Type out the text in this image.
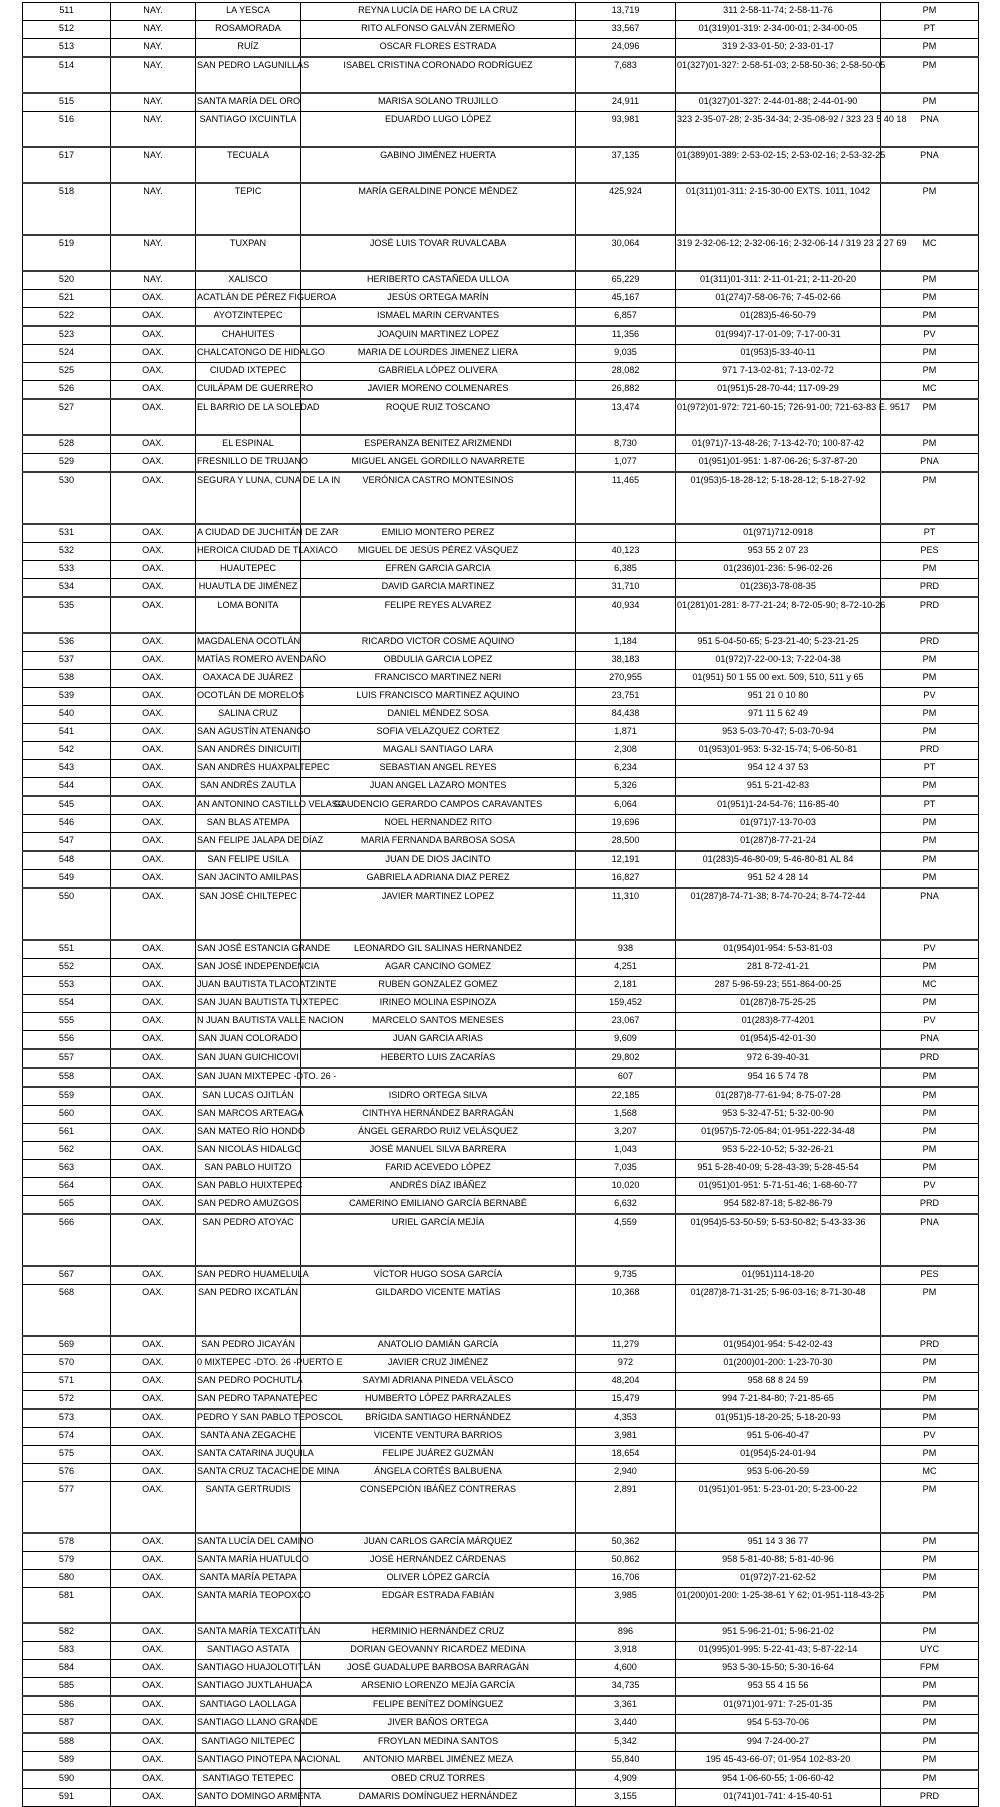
511	NAY.	LA YESCA	REYNA LUCÍA DE HARO DE LA CRUZ	13,719	311 2-58-11-74; 2-58-11-76	PM
512	NAY.	ROSAMORADA	RITO ALFONSO GALVÁN ZERMEÑO	33,567	01(319)01-319: 2-34-00-01; 2-34-00-05	PT
513	NAY.	RUÍZ	OSCAR FLORES ESTRADA	24,096	319 2-33-01-50; 2-33-01-17	PM
514	NAY.	SAN PEDRO LAGUNILLAS	ISABEL CRISTINA CORONADO RODRÍGUEZ	7,683	01(327)01-327: 2-58-51-03; 2-58-50-36; 2-58-50-05	PM
515	NAY.	SANTA MARÍA DEL ORO	MARISA SOLANO TRUJILLO	24,911	01(327)01-327: 2-44-01-88; 2-44-01-90	PM
516	NAY.	SANTIAGO IXCUINTLA	EDUARDO LUGO LÓPEZ	93,981	323 2-35-07-28; 2-35-34-34; 2-35-08-92 / 323 23 5 40 18	PNA
517	NAY.	TECUALA	GABINO JIMÉNEZ HUERTA	37,135	01(389)01-389: 2-53-02-15; 2-53-02-16; 2-53-32-25	PNA
518	NAY.	TEPIC	MARÍA GERALDINE PONCE MÉNDEZ	425,924	01(311)01-311: 2-15-30-00 EXTS. 1011, 1042	PM
519	NAY.	TUXPAN	JOSÉ LUIS TOVAR RUVALCABA	30,064	319 2-32-06-12; 2-32-06-16; 2-32-06-14 / 319 23 2 27 69	MC
520	NAY.	XALISCO	HERIBERTO CASTAÑEDA ULLOA	65,229	01(311)01-311: 2-11-01-21; 2-11-20-20	PM
521	OAX.	ACATLÁN DE PÉREZ FIGUEROA	JESÚS ORTEGA MARÍN	45,167	01(274)7-58-06-76; 7-45-02-66	PM
522	OAX.	AYOTZINTEPEC	ISMAEL MARIN CERVANTES	6,857	01(283)5-46-50-79	PM
523	OAX.	CHAHUITES	JOAQUIN MARTINEZ LOPEZ	11,356	01(994)7-17-01-09; 7-17-00-31	PV
524	OAX.	CHALCATONGO DE HIDALGO	MARIA DE LOURDES JIMENEZ LIERA	9,035	01(953)5-33-40-11	PM
525	OAX.	CIUDAD IXTEPEC	GABRIELA LÓPEZ OLIVERA	28,082	971 7-13-02-81; 7-13-02-72	PM
526	OAX.	CUILÁPAM DE GUERRERO	JAVIER MORENO COLMENARES	26,882	01(951)5-28-70-44; 117-09-29	MC
527	OAX.	EL BARRIO DE LA SOLEDAD	ROQUE RUIZ TOSCANO	13,474	01(972)01-972: 721-60-15; 726-91-00; 721-63-83 E. 9517	PM
528	OAX.	EL ESPINAL	ESPERANZA BENITEZ ARIZMENDI	8,730	01(971)7-13-48-26; 7-13-42-70; 100-87-42	PM
529	OAX.	FRESNILLO DE TRUJANO	MIGUEL ANGEL GORDILLO NAVARRETE	1,077	01(951)01-951: 1-87-06-26; 5-37-87-20	PNA
530	OAX.	SEGURA Y LUNA, CUNA DE LA IN	VERÓNICA CASTRO MONTESINOS	11,465	01(953)5-18-28-12; 5-18-28-12; 5-18-27-92	PM
531	OAX.	A CIUDAD DE JUCHITÁN DE ZAR	EMILIO MONTERO PEREZ		01(971)712-0918	PT
532	OAX.	HEROICA CIUDAD DE TLAXIACO	MIGUEL DE JESÚS PÉREZ VÁSQUEZ	40,123	953 55 2 07 23	PES
533	OAX.	HUAUTEPEC	EFREN GARCIA GARCIA	6,385	01(236)01-236: 5-96-02-26	PM
534	OAX.	HUAUTLA DE JIMÉNEZ	DAVID GARCIA MARTINEZ	31,710	01(236)3-78-08-35	PRD
535	OAX.	LOMA BONITA	FELIPE REYES ALVAREZ	40,934	01(281)01-281: 8-77-21-24; 8-72-05-90; 8-72-10-26	PRD
536	OAX.	MAGDALENA OCOTLÁN	RICARDO VICTOR COSME AQUINO	1,184	951 5-04-50-65; 5-23-21-40; 5-23-21-25	PRD
537	OAX.	MATÍAS ROMERO AVENDAÑO	OBDULIA GARCIA LOPEZ	38,183	01(972)7-22-00-13; 7-22-04-38	PM
538	OAX.	OAXACA DE JUÁREZ	FRANCISCO MARTINEZ NERI	270,955	01(951) 50 1 55 00 ext. 509, 510, 511 y 65	PM
539	OAX.	OCOTLÁN DE MORELOS	LUIS FRANCISCO MARTINEZ AQUINO	23,751	951 21 0 10 80	PV
540	OAX.	SALINA CRUZ	DANIEL MÉNDEZ SOSA	84,438	971 11 5 62 49	PM
541	OAX.	SAN AGUSTÍN ATENANGO	SOFIA VELAZQUEZ CORTEZ	1,871	953 5-03-70-47; 5-03-70-94	PM
542	OAX.	SAN ANDRÉS DINICUITI	MAGALI SANTIAGO LARA	2,308	01(953)01-953: 5-32-15-74; 5-06-50-81	PRD
543	OAX.	SAN ANDRÉS HUAXPALTEPEC	SEBASTIAN ANGEL REYES	6,234	954 12 4 37 53	PT
544	OAX.	SAN ANDRÉS ZAUTLA	JUAN ANGEL LAZARO MONTES	5,326	951 5-21-42-83	PM
545	OAX.	AN ANTONINO CASTILLO VELASC	GAUDENCIO GERARDO CAMPOS CARAVANTES	6,064	01(951)1-24-54-76; 116-85-40	PT
546	OAX.	SAN BLAS ATEMPA	NOEL HERNANDEZ RITO	19,696	01(971)7-13-70-03	PM
547	OAX.	SAN FELIPE JALAPA DE DÍAZ	MARIA FERNANDA BARBOSA SOSA	28,500	01(287)8-77-21-24	PM
548	OAX.	SAN FELIPE USILA	JUAN DE DIOS JACINTO	12,191	01(283)5-46-80-09; 5-46-80-81 AL 84	PM
549	OAX.	SAN JACINTO AMILPAS	GABRIELA ADRIANA DIAZ PEREZ	16,827	951 52 4 28 14	PM
550	OAX.	SAN JOSÉ CHILTEPEC	JAVIER MARTINEZ LOPEZ	11,310	01(287)8-74-71-38; 8-74-70-24; 8-74-72-44	PNA
551	OAX.	SAN JOSÉ ESTANCIA GRANDE	LEONARDO GIL SALINAS HERNANDEZ	938	01(954)01-954: 5-53-81-03	PV
552	OAX.	SAN JOSÉ INDEPENDENCIA	AGAR CANCINO GOMEZ	4,251	281 8-72-41-21	PM
553	OAX.	JUAN BAUTISTA TLACOATZINTE	RUBEN GONZALEZ GOMEZ	2,181	287 5-96-59-23; 551-864-00-25	MC
554	OAX.	SAN JUAN BAUTISTA TUXTEPEC	IRINEO MOLINA ESPINOZA	159,452	01(287)8-75-25-25	PM
555	OAX.	N JUAN BAUTISTA VALLE NACION	MARCELO SANTOS MENESES	23,067	01(283)8-77-4201	PV
556	OAX.	SAN JUAN COLORADO	JUAN GARCIA ARIAS	9,609	01(954)5-42-01-30	PNA
557	OAX.	SAN JUAN GUICHICOVI	HEBERTO LUIS ZACARÍAS	29,802	972 6-39-40-31	PRD
558	OAX.	SAN JUAN MIXTEPEC -DTO. 26 -		607	954 16 5 74 78	PM
559	OAX.	SAN LUCAS OJITLÁN	ISIDRO ORTEGA SILVA	22,185	01(287)8-77-61-94; 8-75-07-28	PM
560	OAX.	SAN MARCOS ARTEAGA	CINTHYA HERNÁNDEZ BARRAGÁN	1,568	953 5-32-47-51; 5-32-00-90	PM
561	OAX.	SAN MATEO RÍO HONDO	ÁNGEL GERARDO RUIZ VELÁSQUEZ	3,207	01(957)5-72-05-84; 01-951-222-34-48	PM
562	OAX.	SAN NICOLÁS HIDALGO	JOSÉ MANUEL SILVA BARRERA	1,043	953 5-22-10-52; 5-32-26-21	PM
563	OAX.	SAN PABLO HUITZO	FARID ACEVEDO LÓPEZ	7,035	951 5-28-40-09; 5-28-43-39; 5-28-45-54	PM
564	OAX.	SAN PABLO HUIXTEPEC	ANDRÉS DÍAZ IBÁÑEZ	10,020	01(951)01-951: 5-71-51-46; 1-68-60-77	PV
565	OAX.	SAN PEDRO AMUZGOS	CAMERINO EMILIANO GARCÍA BERNABÉ	6,632	954 582-87-18; 5-82-86-79	PRD
566	OAX.	SAN PEDRO ATOYAC	URIEL GARCÍA MEJÍA	4,559	01(954)5-53-50-59; 5-53-50-82; 5-43-33-36	PNA
567	OAX.	SAN PEDRO HUAMELULA	VÍCTOR HUGO SOSA GARCÍA	9,735	01(951)114-18-20	PES
568	OAX.	SAN PEDRO IXCATLÁN	GILDARDO VICENTE MATÍAS	10,368	01(287)8-71-31-25; 5-96-03-16; 8-71-30-48	PM
569	OAX.	SAN PEDRO JICAYÁN	ANATOLIO DAMIÁN GARCÍA	11,279	01(954)01-954: 5-42-02-43	PRD
570	OAX.	0 MIXTEPEC -DTO. 26 -PUERTO E	JAVIER CRUZ JIMÉNEZ	972	01(200)01-200: 1-23-70-30	PM
571	OAX.	SAN PEDRO POCHUTLA	SAYMI ADRIANA PINEDA VELÁSCO	48,204	958 68 8 24 59	PM
572	OAX.	SAN PEDRO TAPANATEPEC	HUMBERTO LÓPEZ PARRAZALES	15,479	994 7-21-84-80; 7-21-85-65	PM
573	OAX.	PEDRO Y SAN PABLO TEPOSCOL	BRÍGIDA SANTIAGO HERNÁNDEZ	4,353	01(951)5-18-20-25; 5-18-20-93	PM
574	OAX.	SANTA ANA ZEGACHE	VICENTE VENTURA BARRIOS	3,981	951 5-06-40-47	PV
575	OAX.	SANTA CATARINA JUQUILA	FELIPE JUÁREZ GUZMÁN	18,654	01(954)5-24-01-94	PM
576	OAX.	SANTA CRUZ TACACHE DE MINA	ÁNGELA CORTÉS BALBUENA	2,940	953 5-06-20-59	MC
577	OAX.	SANTA GERTRUDIS	CONSEPCIÓN IBÁÑEZ CONTRERAS	2,891	01(951)01-951: 5-23-01-20; 5-23-00-22	PM
578	OAX.	SANTA LUCÍA DEL CAMINO	JUAN CARLOS GARCÍA MÁRQUEZ	50,362	951 14 3 36 77	PM
579	OAX.	SANTA MARÍA HUATULCO	JOSÉ HERNÁNDEZ CÁRDENAS	50,862	958 5-81-40-88; 5-81-40-96	PM
580	OAX.	SANTA MARÍA PETAPA	OLIVER LÓPEZ GARCÍA	16,706	01(972)7-21-62-52	PM
581	OAX.	SANTA MARÍA TEOPOXCO	EDGAR ESTRADA FABIÁN	3,985	01(200)01-200: 1-25-38-61 Y 62; 01-951-118-43-25	PM
582	OAX.	SANTA MARÍA TEXCATITLÁN	HERMINIO HERNÁNDEZ CRUZ	896	951 5-96-21-01; 5-96-21-02	PM
583	OAX.	SANTIAGO ASTATA	DORIAN GEOVANNY RICARDEZ MEDINA	3,918	01(995)01-995: 5-22-41-43; 5-87-22-14	UYC
584	OAX.	SANTIAGO HUAJOLOTITLÁN	JOSÉ GUADALUPE BARBOSA BARRAGÁN	4,600	953 5-30-15-50; 5-30-16-64	FPM
585	OAX.	SANTIAGO JUXTLAHUACA	ARSENIO LORENZO MEJÍA GARCÍA	34,735	953 55 4 15 56	PM
586	OAX.	SANTIAGO LAOLLAGA	FELIPE BENÍTEZ DOMÍNGUEZ	3,361	01(971)01-971: 7-25-01-35	PM
587	OAX.	SANTIAGO LLANO GRANDE	JIVER BAÑOS ORTEGA	3,440	954 5-53-70-06	PM
588	OAX.	SANTIAGO NILTEPEC	FROYLAN MEDINA SANTOS	5,342	994 7-24-00-27	PM
589	OAX.	SANTIAGO PINOTEPA NACIONAL	ANTONIO MARBEL JIMÉNEZ MEZA	55,840	195 45-43-66-07; 01-954 102-83-20	PM
590	OAX.	SANTIAGO TETEPEC	OBED CRUZ TORRES	4,909	954 1-06-60-55; 1-06-60-42	PM
591	OAX.	SANTO DOMINGO ARMENTA	DAMARIS DOMÍNGUEZ HERNÁNDEZ	3,155	01(741)01-741: 4-15-40-51	PRD
